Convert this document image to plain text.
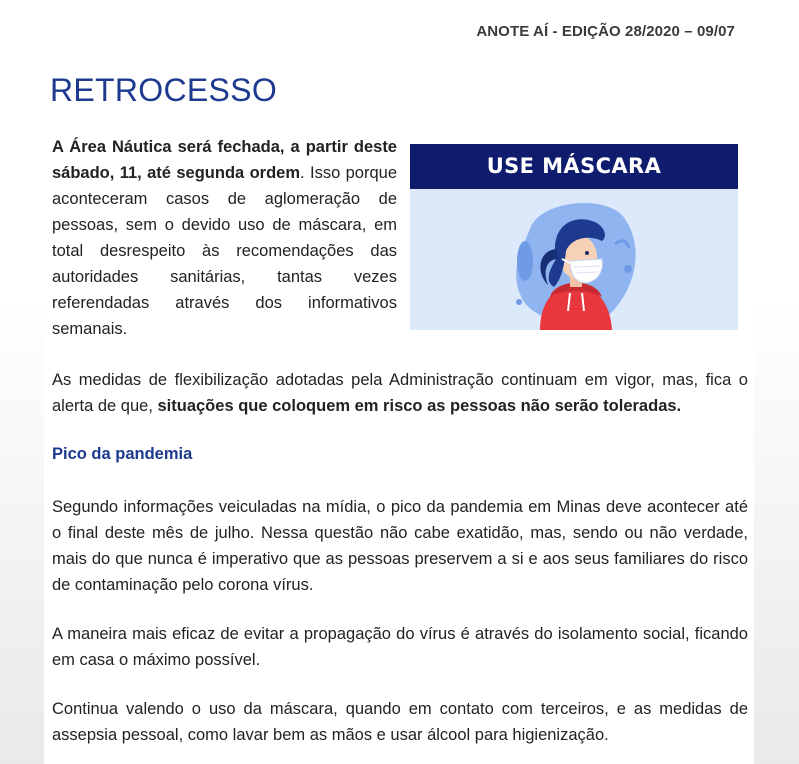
ANOTE AÍ - EDIÇÃO 28/2020 – 09/07
RETROCESSO

A Área Náutica será fechada, a partir deste sábado, 11, até segunda ordem. Isso porque aconteceram casos de aglomeração de pessoas, sem o devido uso de máscara, em total desrespeito às recomendações das autoridades sanitárias, tantas vezes referendadas através dos informativos semanais.

USE MÁSCARA

As medidas de flexibilização adotadas pela Administração continuam em vigor, mas, fica o alerta de que, situações que coloquem em risco as pessoas não serão toleradas.

Pico da pandemia

Segundo informações veiculadas na mídia, o pico da pandemia em Minas deve acontecer até o final deste mês de julho. Nessa questão não cabe exatidão, mas, sendo ou não verdade, mais do que nunca é imperativo que as pessoas preservem a si e aos seus familiares do risco de contaminação pelo corona vírus.

A maneira mais eficaz de evitar a propagação do vírus é através do isolamento social, ficando em casa o máximo possível.

Continua valendo o uso da máscara, quando em contato com terceiros, e as medidas de assepsia pessoal, como lavar bem as mãos e usar álcool para higienização.
